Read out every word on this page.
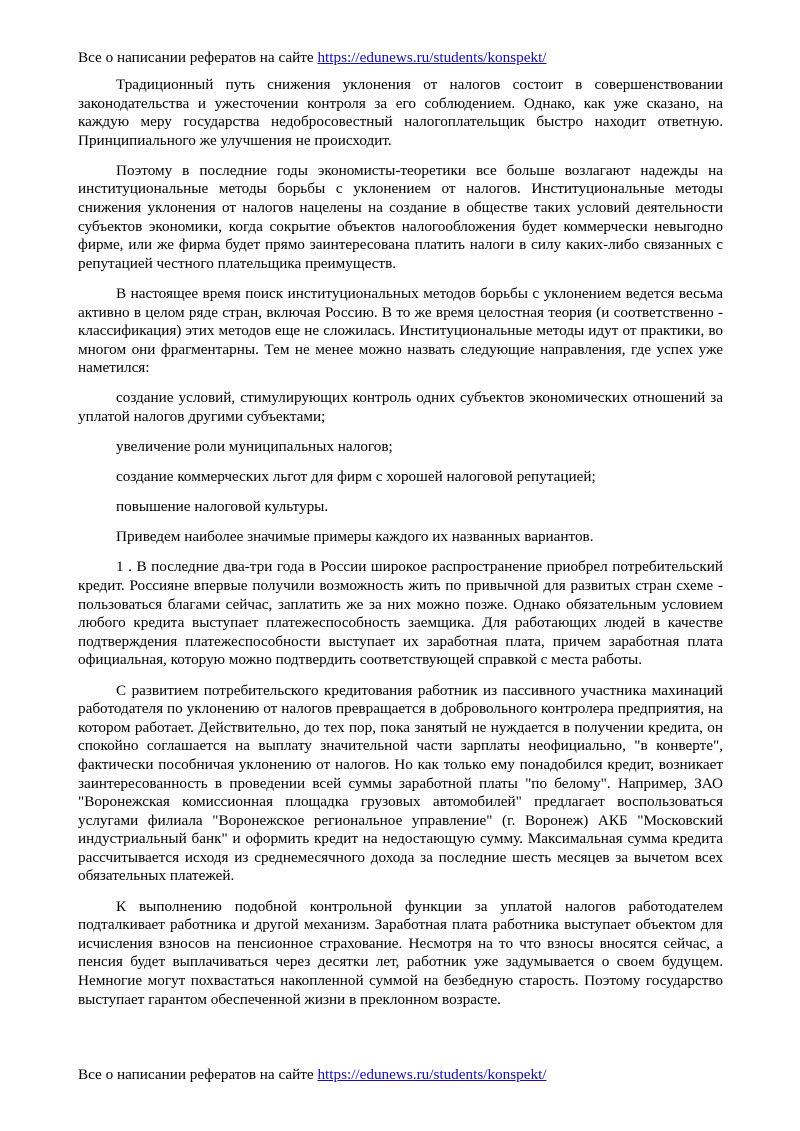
Все о написании рефератов на сайте https://edunews.ru/students/konspekt/

Традиционный путь снижения уклонения от налогов состоит в совершенствовании законодательства и ужесточении контроля за его соблюдением. Однако, как уже сказано, на каждую меру государства недобросовестный налогоплательщик быстро находит ответную. Принципиального же улучшения не происходит.

Поэтому в последние годы экономисты-теоретики все больше возлагают надежды на институциональные методы борьбы с уклонением от налогов. Институциональные методы снижения уклонения от налогов нацелены на создание в обществе таких условий деятельности субъектов экономики, когда сокрытие объектов налогообложения будет коммерчески невыгодно фирме, или же фирма будет прямо заинтересована платить налоги в силу каких-либо связанных с репутацией честного плательщика преимуществ.

В настоящее время поиск институциональных методов борьбы с уклонением ведется весьма активно в целом ряде стран, включая Россию. В то же время целостная теория (и соответственно - классификация) этих методов еще не сложилась. Институциональные методы идут от практики, во многом они фрагментарны. Тем не менее можно назвать следующие направления, где успех уже наметился:

создание условий, стимулирующих контроль одних субъектов экономических отношений за уплатой налогов другими субъектами;

увеличение роли муниципальных налогов;

создание коммерческих льгот для фирм с хорошей налоговой репутацией;

повышение налоговой культуры.

Приведем наиболее значимые примеры каждого их названных вариантов.

1 . В последние два-три года в России широкое распространение приобрел потребительский кредит. Россияне впервые получили возможность жить по привычной для развитых стран схеме - пользоваться благами сейчас, заплатить же за них можно позже. Однако обязательным условием любого кредита выступает платежеспособность заемщика. Для работающих людей в качестве подтверждения платежеспособности выступает их заработная плата, причем заработная плата официальная, которую можно подтвердить соответствующей справкой с места работы.

С развитием потребительского кредитования работник из пассивного участника махинаций работодателя по уклонению от налогов превращается в добровольного контролера предприятия, на котором работает. Действительно, до тех пор, пока занятый не нуждается в получении кредита, он спокойно соглашается на выплату значительной части зарплаты неофициально, "в конверте", фактически пособничая уклонению от налогов. Но как только ему понадобился кредит, возникает заинтересованность в проведении всей суммы заработной платы "по белому". Например, ЗАО "Воронежская комиссионная площадка грузовых автомобилей" предлагает воспользоваться услугами филиала "Воронежское региональное управление" (г. Воронеж) АКБ "Московский индустриальный банк" и оформить кредит на недостающую сумму. Максимальная сумма кредита рассчитывается исходя из среднемесячного дохода за последние шесть месяцев за вычетом всех обязательных платежей.

К выполнению подобной контрольной функции за уплатой налогов работодателем подталкивает работника и другой механизм. Заработная плата работника выступает объектом для исчисления взносов на пенсионное страхование. Несмотря на то что взносы вносятся сейчас, а пенсия будет выплачиваться через десятки лет, работник уже задумывается о своем будущем. Немногие могут похвастаться накопленной суммой на безбедную старость. Поэтому государство выступает гарантом обеспеченной жизни в преклонном возрасте.

Все о написании рефератов на сайте https://edunews.ru/students/konspekt/
